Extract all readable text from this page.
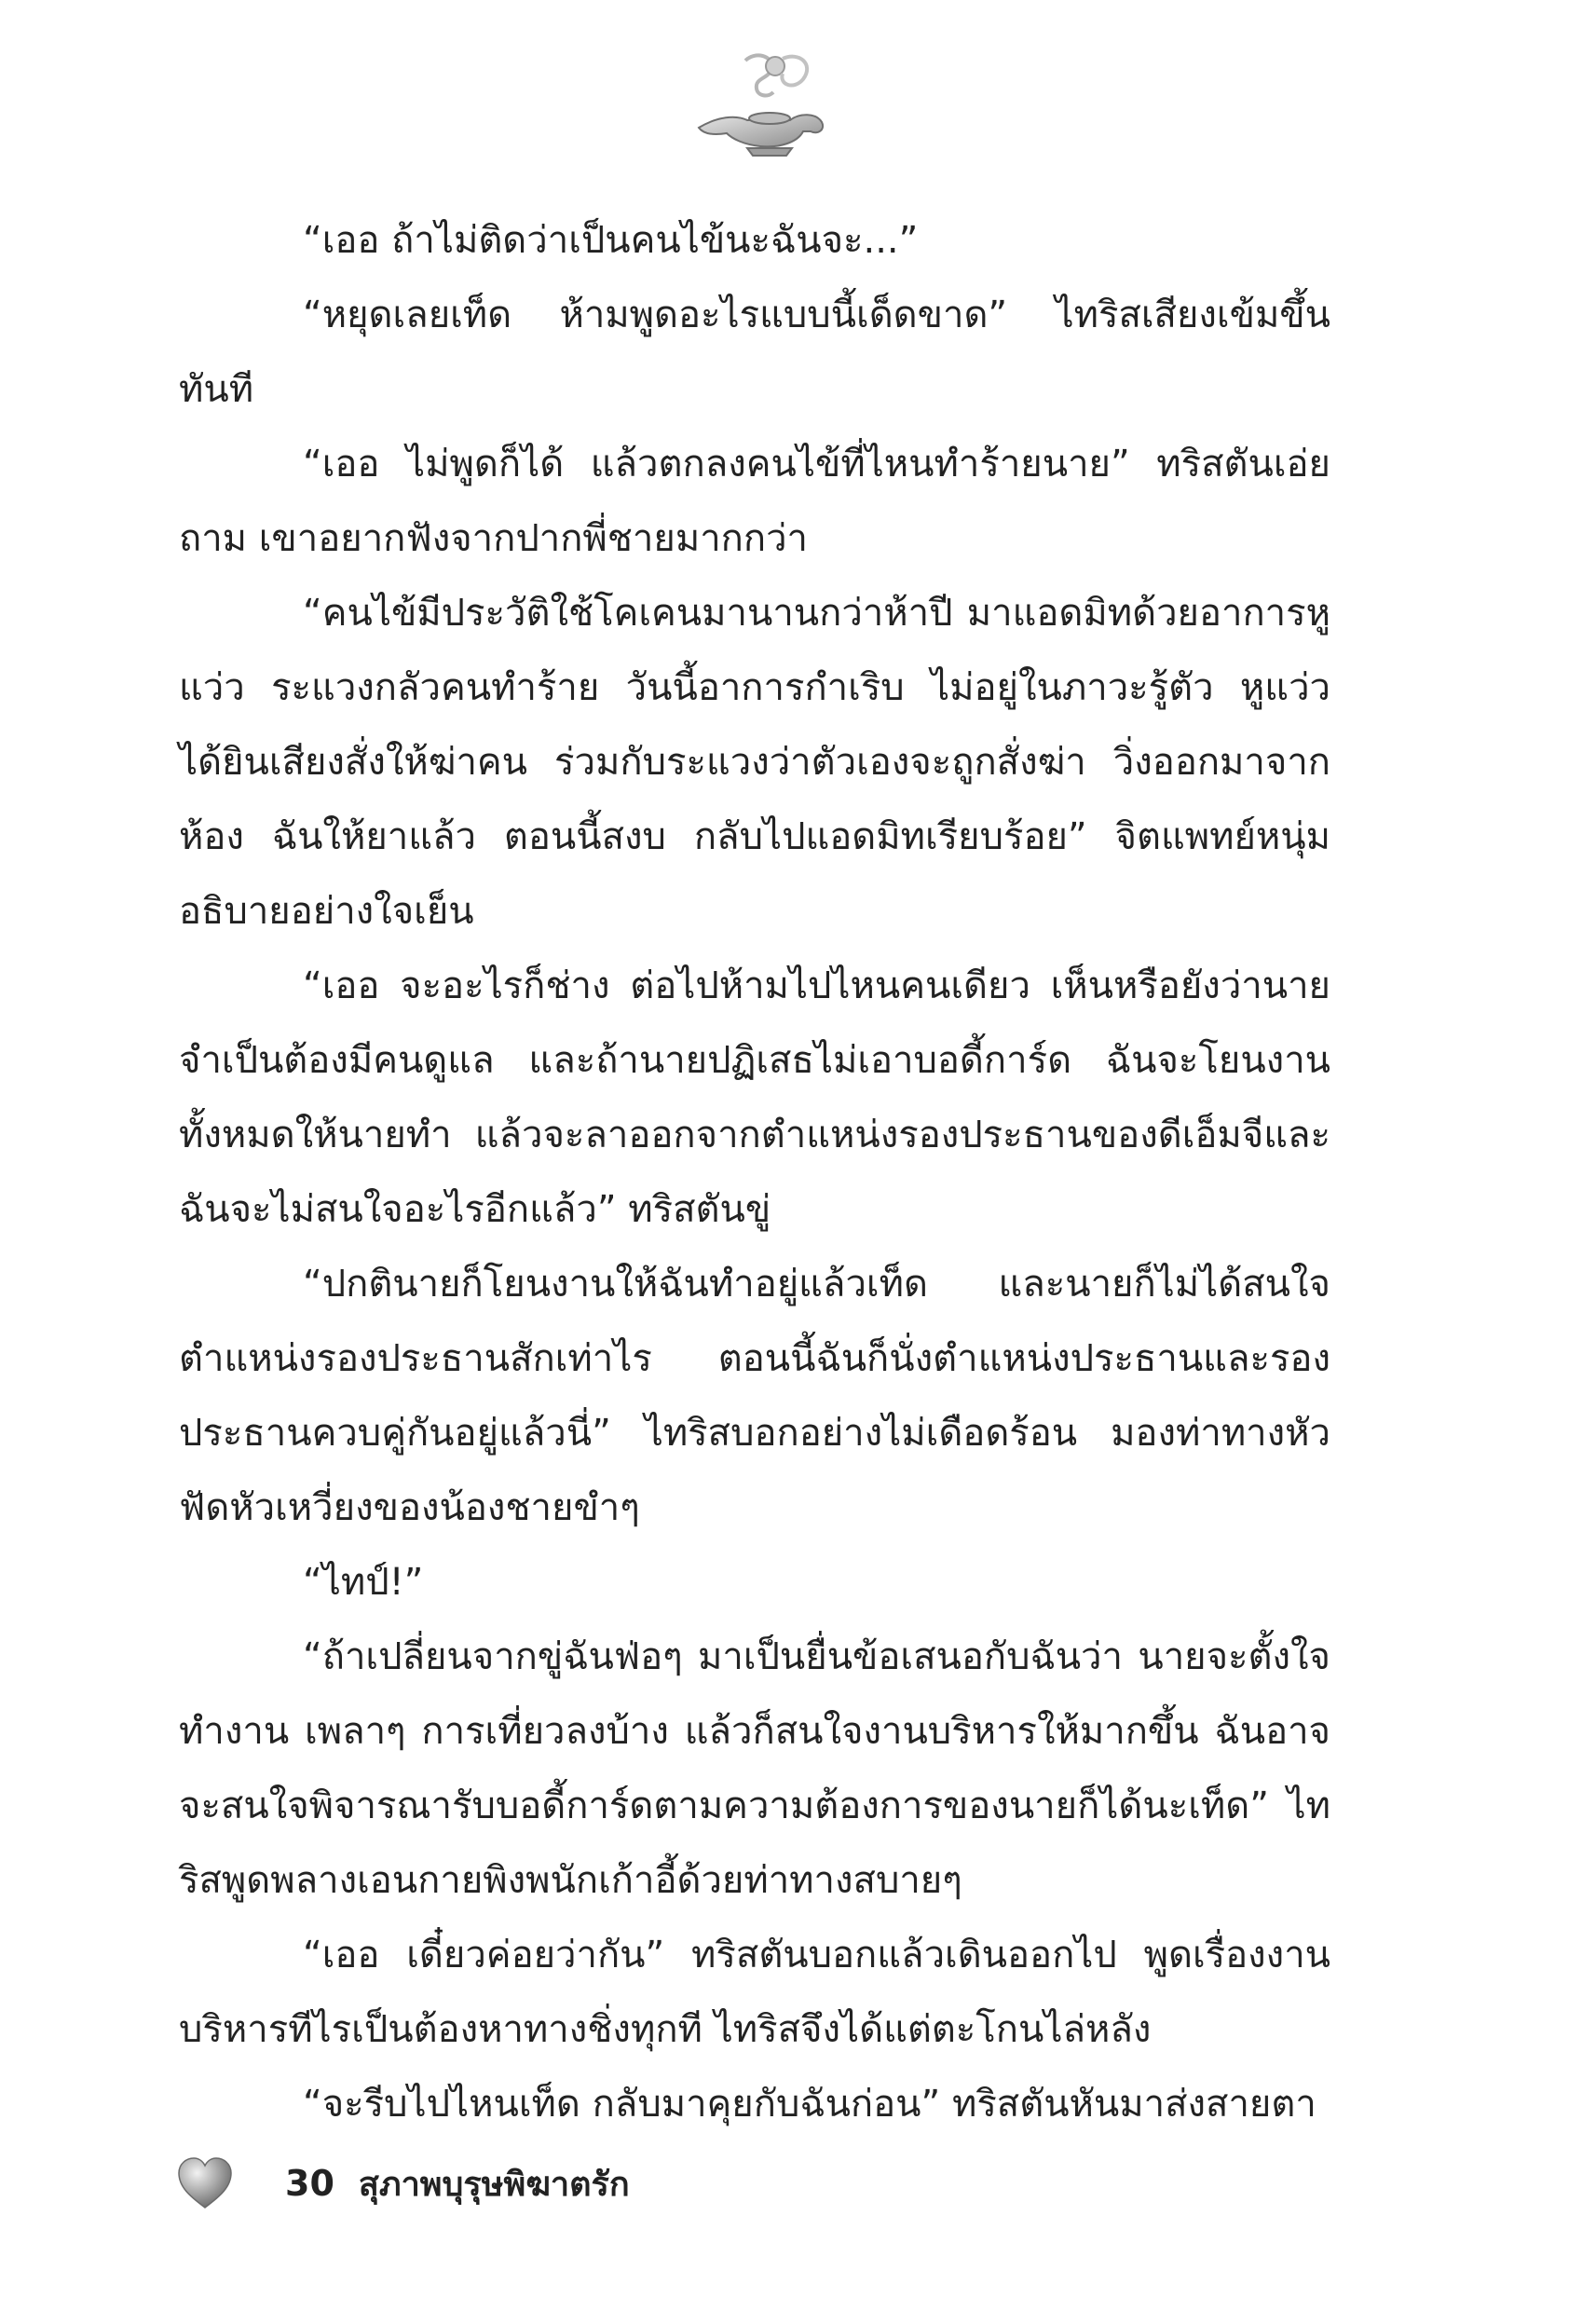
“เออ ถ้าไม่ติดว่าเป็นคนไข้นะฉันจะ...”

“หยุดเลยเท็ด ห้ามพูดอะไรแบบนี้เด็ดขาด” ไทริสเสียงเข้มขึ้นทันที

“เออ ไม่พูดก็ได้ แล้วตกลงคนไข้ที่ไหนทำร้ายนาย” ทริสตันเอ่ยถาม เขาอยากฟังจากปากพี่ชายมากกว่า

“คนไข้มีประวัติใช้โคเคนมานานกว่าห้าปี มาแอดมิทด้วยอาการหูแว่ว ระแวงกลัวคนทำร้าย วันนี้อาการกำเริบ ไม่อยู่ในภาวะรู้ตัว หูแว่วได้ยินเสียงสั่งให้ฆ่าคน ร่วมกับระแวงว่าตัวเองจะถูกสั่งฆ่า วิ่งออกมาจากห้อง ฉันให้ยาแล้ว ตอนนี้สงบ กลับไปแอดมิทเรียบร้อย” จิตแพทย์หนุ่มอธิบายอย่างใจเย็น

“เออ จะอะไรก็ช่าง ต่อไปห้ามไปไหนคนเดียว เห็นหรือยังว่านายจำเป็นต้องมีคนดูแล และถ้านายปฏิเสธไม่เอาบอดี้การ์ด ฉันจะโยนงานทั้งหมดให้นายทำ แล้วจะลาออกจากตำแหน่งรองประธานของดีเอ็มจีและฉันจะไม่สนใจอะไรอีกแล้ว” ทริสตันขู่

“ปกตินายก็โยนงานให้ฉันทำอยู่แล้วเท็ด และนายก็ไม่ได้สนใจตำแหน่งรองประธานสักเท่าไร ตอนนี้ฉันก็นั่งตำแหน่งประธานและรองประธานควบคู่กันอยู่แล้วนี่” ไทริสบอกอย่างไม่เดือดร้อน มองท่าทางหัวฟัดหัวเหวี่ยงของน้องชายขำๆ

“ไทป์!”

“ถ้าเปลี่ยนจากขู่ฉันฟ่อๆ มาเป็นยื่นข้อเสนอกับฉันว่า นายจะตั้งใจทำงาน เพลาๆ การเที่ยวลงบ้าง แล้วก็สนใจงานบริหารให้มากขึ้น ฉันอาจจะสนใจพิจารณารับบอดี้การ์ดตามความต้องการของนายก็ได้นะเท็ด” ไทริสพูดพลางเอนกายพิงพนักเก้าอี้ด้วยท่าทางสบายๆ

“เออ เดี๋ยวค่อยว่ากัน” ทริสตันบอกแล้วเดินออกไป พูดเรื่องงานบริหารทีไรเป็นต้องหาทางชิ่งทุกที ไทริสจึงได้แต่ตะโกนไล่หลัง

“จะรีบไปไหนเท็ด กลับมาคุยกับฉันก่อน” ทริสตันหันมาส่งสายตา

30 สุภาพบุรุษพิฆาตรัก
